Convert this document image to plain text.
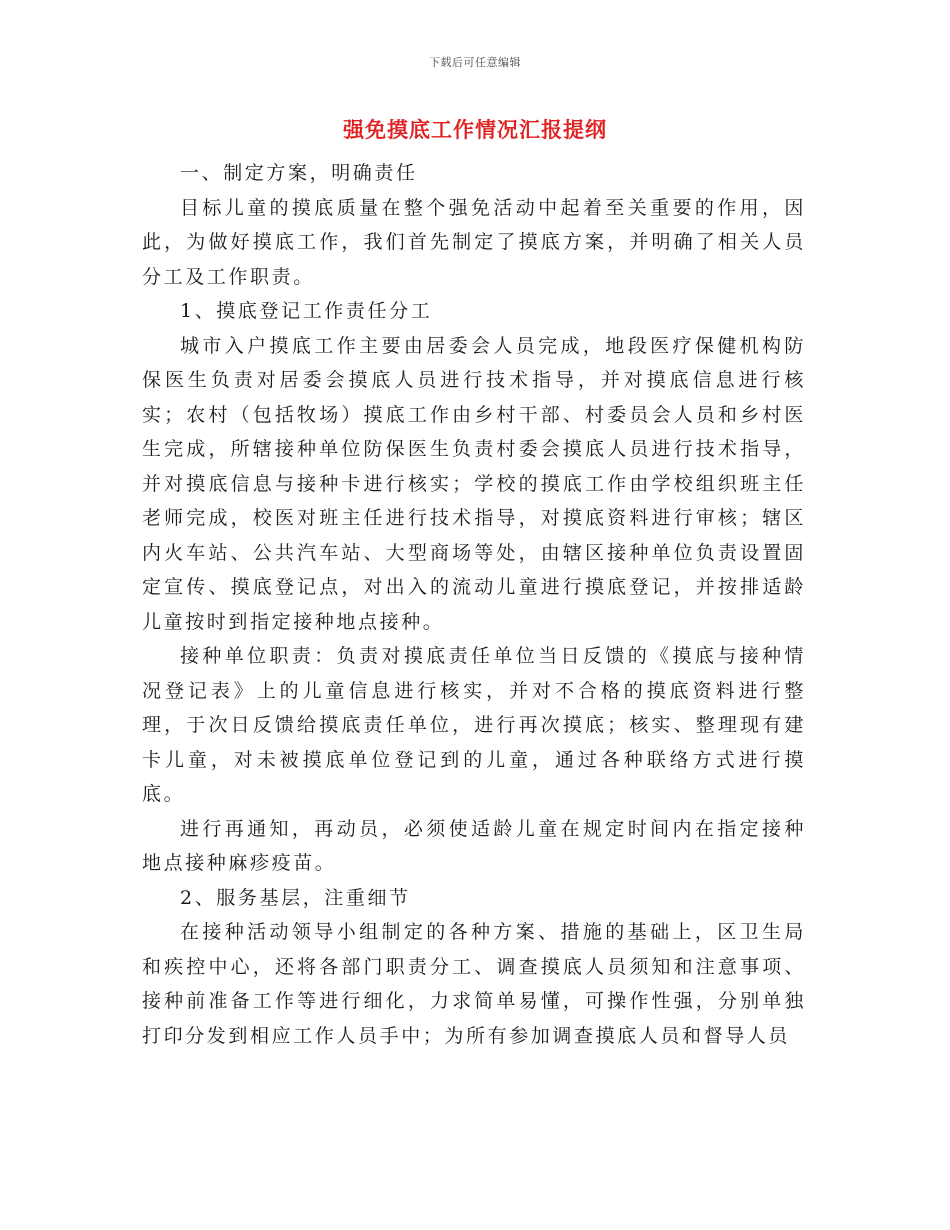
下载后可任意编辑
强免摸底工作情况汇报提纲

一、制定方案，明确责任

目标儿童的摸底质量在整个强免活动中起着至关重要的作用，因此，为做好摸底工作，我们首先制定了摸底方案，并明确了相关人员分工及工作职责。

1、摸底登记工作责任分工

城市入户摸底工作主要由居委会人员完成，地段医疗保健机构防保医生负责对居委会摸底人员进行技术指导，并对摸底信息进行核实；农村（包括牧场）摸底工作由乡村干部、村委员会人员和乡村医生完成，所辖接种单位防保医生负责村委会摸底人员进行技术指导，并对摸底信息与接种卡进行核实；学校的摸底工作由学校组织班主任老师完成，校医对班主任进行技术指导，对摸底资料进行审核；辖区内火车站、公共汽车站、大型商场等处，由辖区接种单位负责设置固定宣传、摸底登记点，对出入的流动儿童进行摸底登记，并按排适龄儿童按时到指定接种地点接种。

接种单位职责：负责对摸底责任单位当日反馈的《摸底与接种情况登记表》上的儿童信息进行核实，并对不合格的摸底资料进行整理，于次日反馈给摸底责任单位，进行再次摸底；核实、整理现有建卡儿童，对未被摸底单位登记到的儿童，通过各种联络方式进行摸底。

进行再通知，再动员，必须使适龄儿童在规定时间内在指定接种地点接种麻疹疫苗。

2、服务基层，注重细节

在接种活动领导小组制定的各种方案、措施的基础上，区卫生局和疾控中心，还将各部门职责分工、调查摸底人员须知和注意事项、接种前准备工作等进行细化，力求简单易懂，可操作性强，分别单独打印分发到相应工作人员手中；为所有参加调查摸底人员和督导人员
